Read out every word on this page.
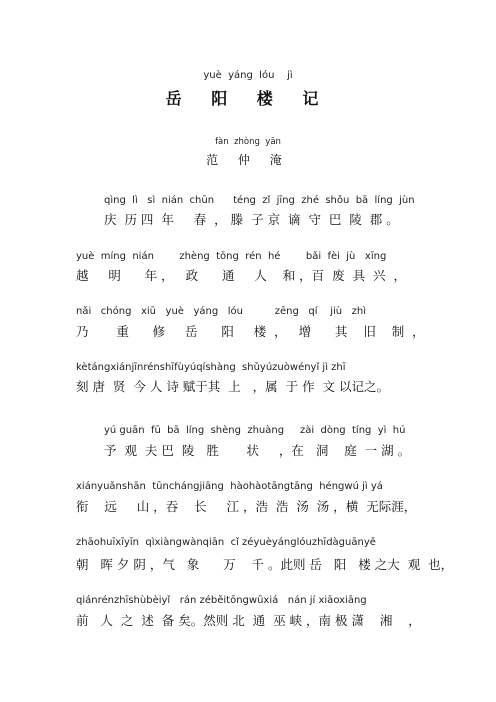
yuè  yáng  lóu    jì
岳 阳 楼 记
fàn  zhòng  yān
范 仲 淹
qìng  lì   sì  nián  chūn      téng  zǐ  jīng  zhé  shǒu  bā  líng  jùn
庆  历 四  年     春  ， 滕  子 京  谪  守  巴  陵  郡 。
yuè  míng  nián        zhèng  tōng  rén  hé        bǎi  fèi  jù   xīng
越     明      年 ，   政      通     人    和 ，百  废  具  兴  ，
nǎi   chóng   xiū   yuè   yáng   lóu          zēng   qí    jiù   zhì
乃       重      修     岳      阳     楼  ，   增      其    旧    制  ，
kètángxiánjīnrénshīfùyúqíshàng  shǔyúzuòwényǐ jì zhī
刻 唐  贤  今 人 诗 赋于其  上   ，属  于 作  文 以记之。
yú guān  fū  bā  líng  shèng  zhuàng     zài  dòng  tíng  yì  hú
予  观  夫 巴  陵   胜       状     ，在   洞    庭  一 湖 。
xiányuǎnshān  tūnchángjiāng  hàohàotāngtāng  héngwú jì yá
衔    远     山 ，吞    长     江 ，浩  浩  汤  汤 ，横  无际涯，
zhāohuīxīyīn  qìxiàngwànqiān  cǐ zéyuèyánglóuzhīdàguānyě
朝   晖 夕 阴 ，气   象      万    千 。此则 岳   阳   楼 之大  观  也，
qiánrénzhīshùbèiyǐ   rán zéběitōngwūxiá   nán jí xiāoxiāng
前   人  之  述  备 矣。然则 北  通  巫 峡 ，南 极 潇    湘    ，
